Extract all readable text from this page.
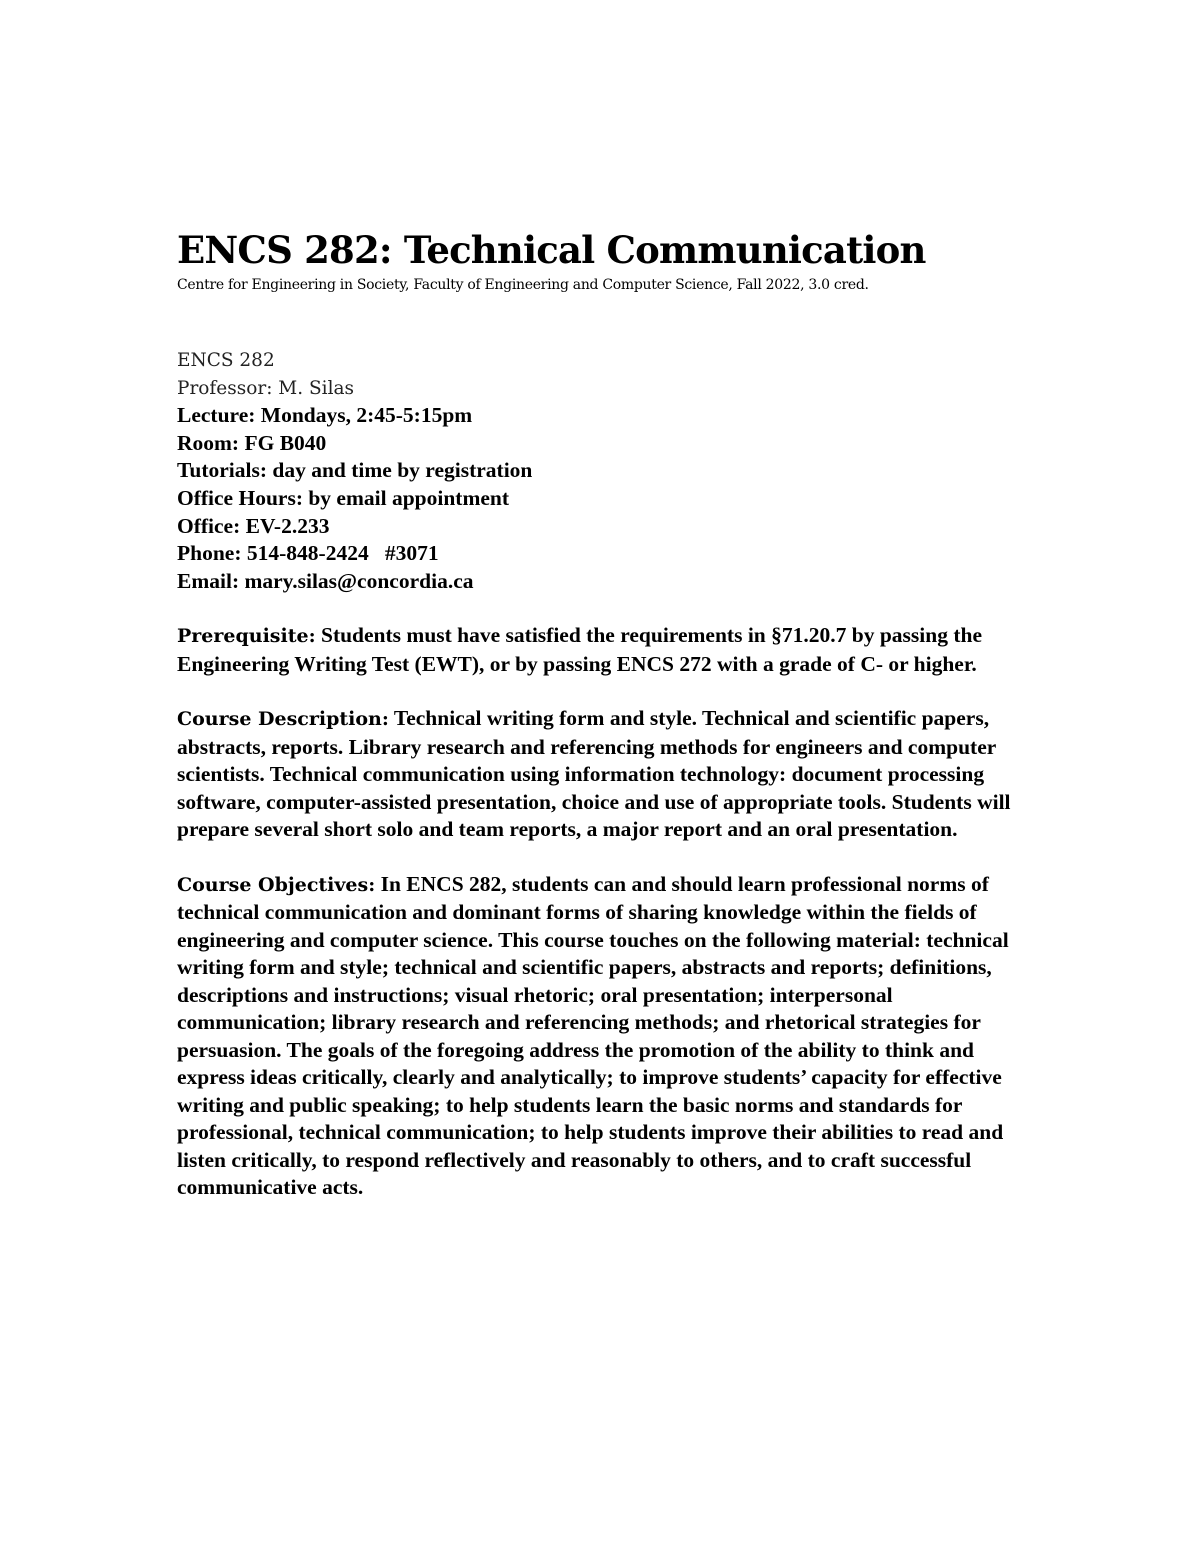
ENCS 282: Technical Communication

Centre for Engineering in Society, Faculty of Engineering and Computer Science, Fall 2022, 3.0 cred.

ENCS 282
Professor: M. Silas
Lecture: Mondays, 2:45-5:15pm
Room: FG B040
Tutorials: day and time by registration
Office Hours: by email appointment
Office: EV-2.233
Phone: 514-848-2424   #3071
Email: mary.silas@concordia.ca

Prerequisite: Students must have satisfied the requirements in §71.20.7 by passing the Engineering Writing Test (EWT), or by passing ENCS 272 with a grade of C- or higher.

Course Description: Technical writing form and style. Technical and scientific papers, abstracts, reports. Library research and referencing methods for engineers and computer scientists. Technical communication using information technology: document processing software, computer-assisted presentation, choice and use of appropriate tools. Students will prepare several short solo and team reports, a major report and an oral presentation.

Course Objectives: In ENCS 282, students can and should learn professional norms of technical communication and dominant forms of sharing knowledge within the fields of engineering and computer science. This course touches on the following material: technical writing form and style; technical and scientific papers, abstracts and reports; definitions, descriptions and instructions; visual rhetoric; oral presentation; interpersonal communication; library research and referencing methods; and rhetorical strategies for persuasion. The goals of the foregoing address the promotion of the ability to think and express ideas critically, clearly and analytically; to improve students’ capacity for effective writing and public speaking; to help students learn the basic norms and standards for professional, technical communication; to help students improve their abilities to read and listen critically, to respond reflectively and reasonably to others, and to craft successful communicative acts.
